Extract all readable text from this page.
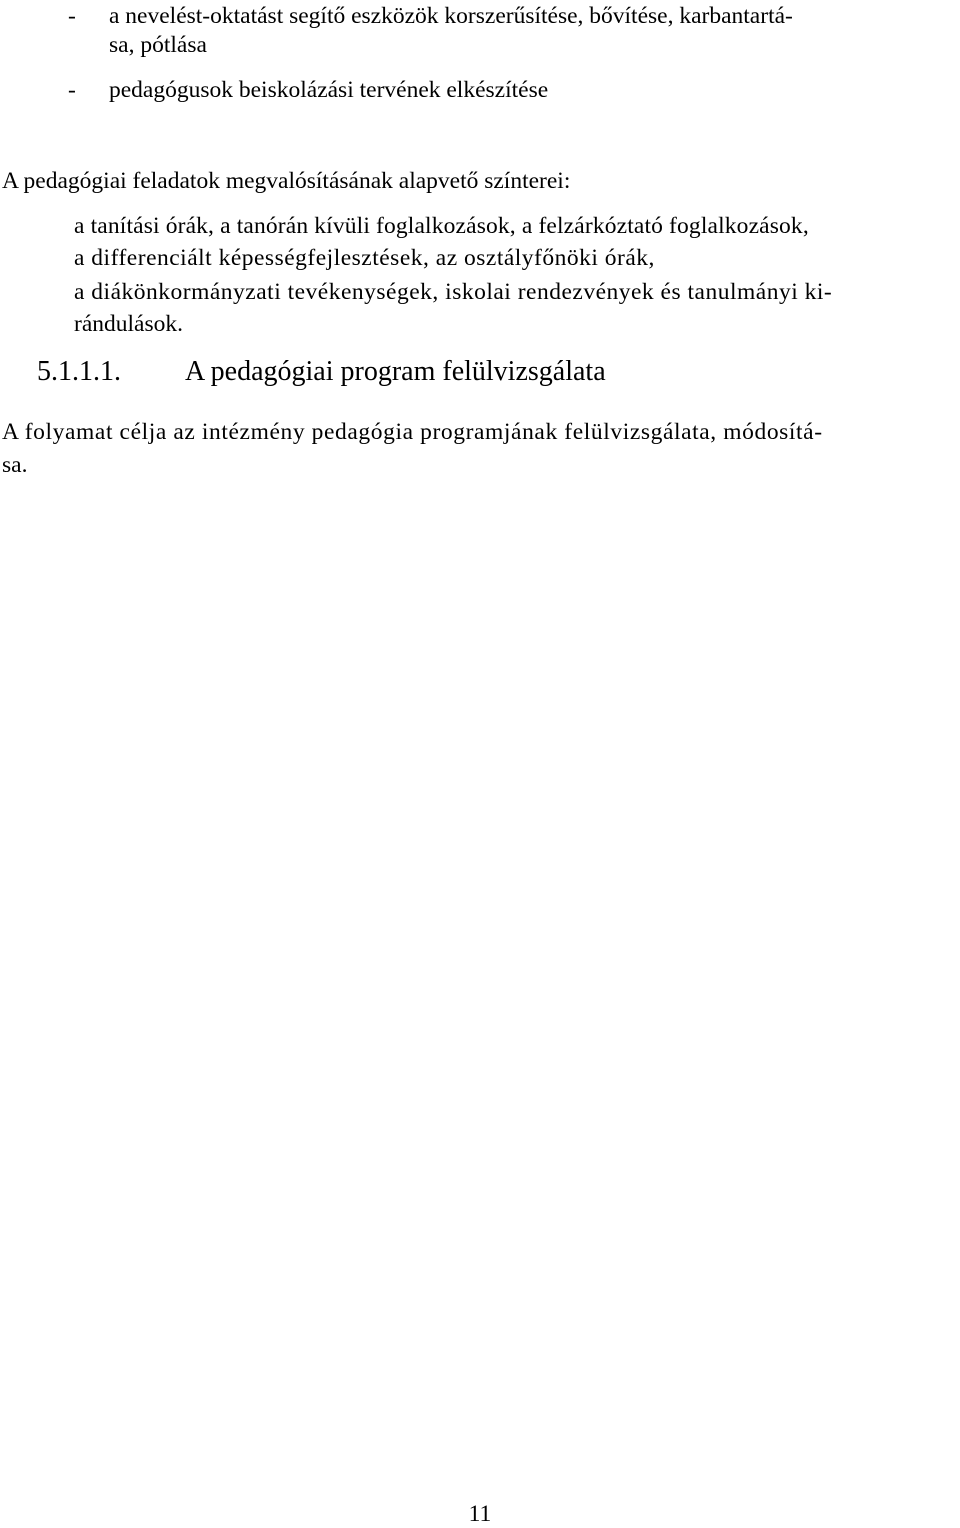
- a nevelést-oktatást segítő eszközök korszerűsítése, bővítése, karbantartá-
sa, pótlása
- pedagógusok beiskolázási tervének elkészítése
A pedagógiai feladatok megvalósításának alapvető színterei:
a tanítási órák, a tanórán kívüli foglalkozások, a felzárkóztató foglalkozások,
a differenciált képességfejlesztések, az osztályfőnöki órák,
a diákönkormányzati tevékenységek, iskolai rendezvények és tanulmányi ki-
rándulások.
5.1.1.1. A pedagógiai program felülvizsgálata
A folyamat célja az intézmény pedagógia programjának felülvizsgálata, módosítá-
sa.
11
